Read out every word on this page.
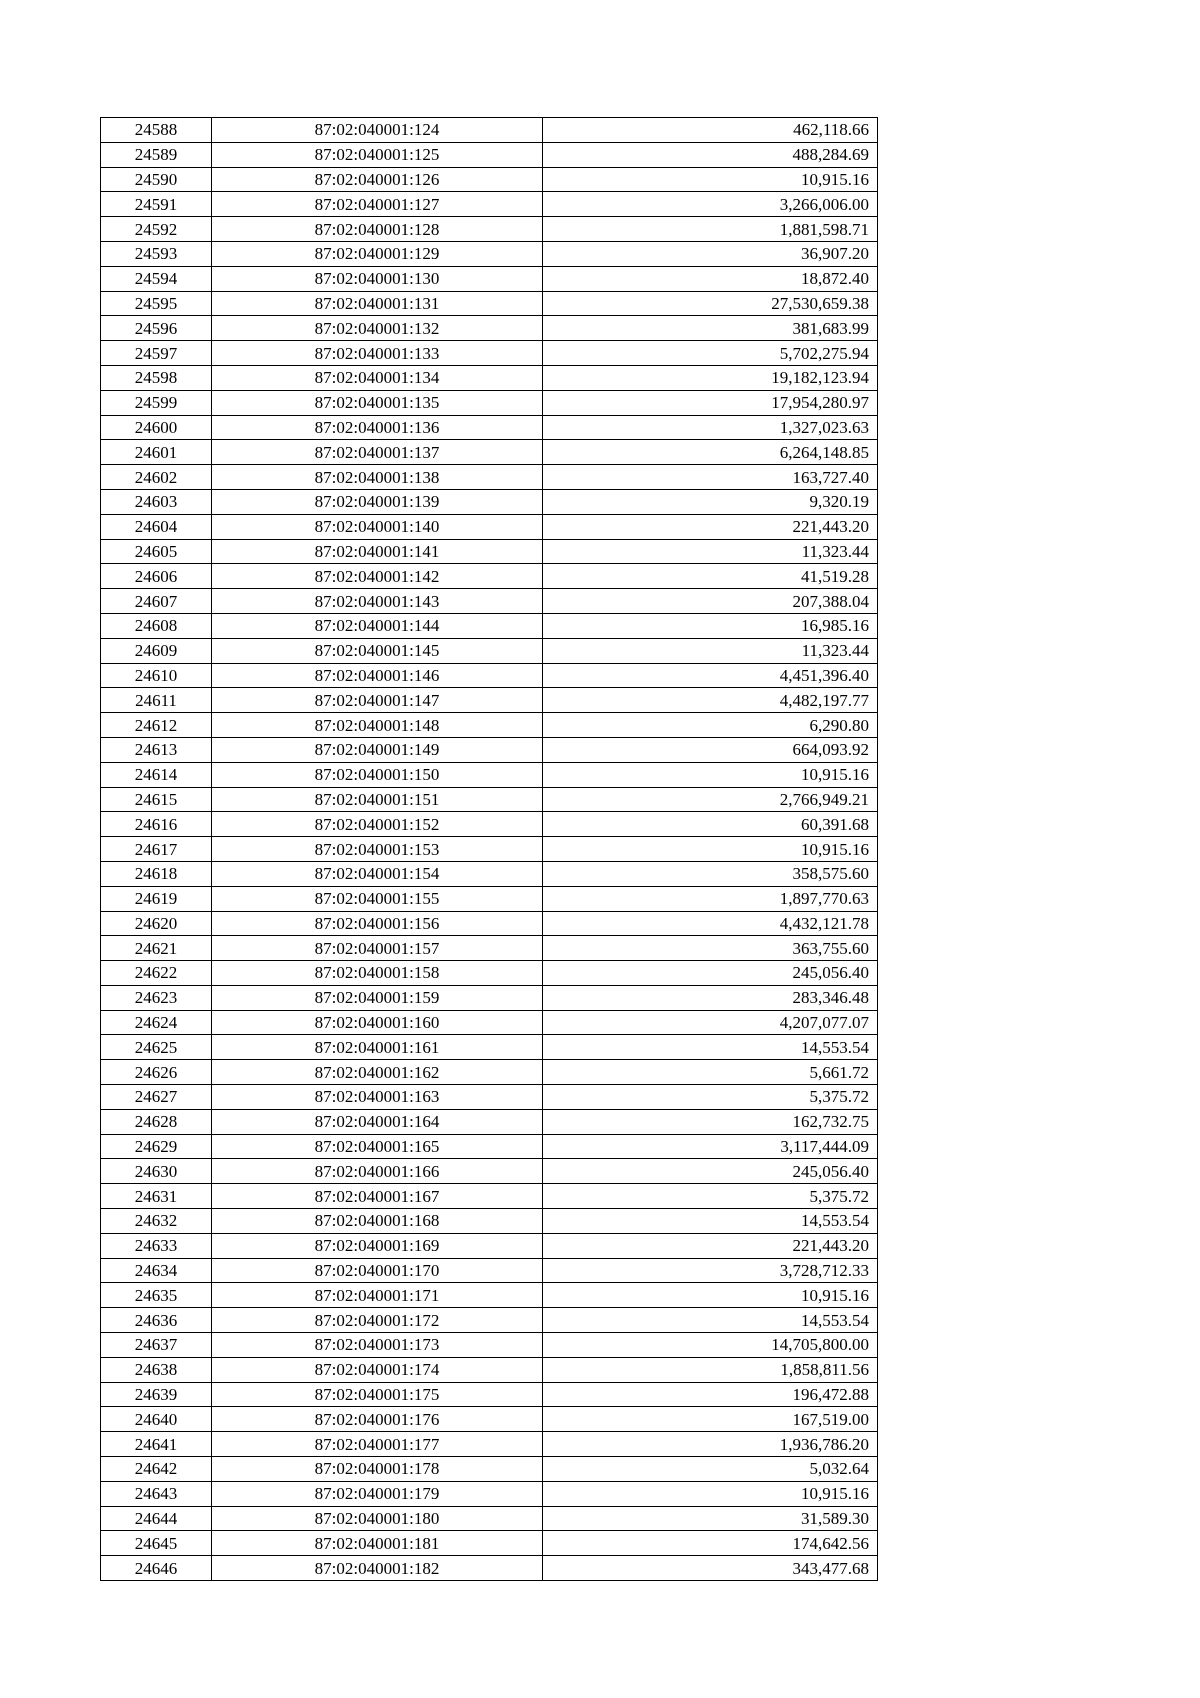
24588	87:02:040001:124	462,118.66
24589	87:02:040001:125	488,284.69
24590	87:02:040001:126	10,915.16
24591	87:02:040001:127	3,266,006.00
24592	87:02:040001:128	1,881,598.71
24593	87:02:040001:129	36,907.20
24594	87:02:040001:130	18,872.40
24595	87:02:040001:131	27,530,659.38
24596	87:02:040001:132	381,683.99
24597	87:02:040001:133	5,702,275.94
24598	87:02:040001:134	19,182,123.94
24599	87:02:040001:135	17,954,280.97
24600	87:02:040001:136	1,327,023.63
24601	87:02:040001:137	6,264,148.85
24602	87:02:040001:138	163,727.40
24603	87:02:040001:139	9,320.19
24604	87:02:040001:140	221,443.20
24605	87:02:040001:141	11,323.44
24606	87:02:040001:142	41,519.28
24607	87:02:040001:143	207,388.04
24608	87:02:040001:144	16,985.16
24609	87:02:040001:145	11,323.44
24610	87:02:040001:146	4,451,396.40
24611	87:02:040001:147	4,482,197.77
24612	87:02:040001:148	6,290.80
24613	87:02:040001:149	664,093.92
24614	87:02:040001:150	10,915.16
24615	87:02:040001:151	2,766,949.21
24616	87:02:040001:152	60,391.68
24617	87:02:040001:153	10,915.16
24618	87:02:040001:154	358,575.60
24619	87:02:040001:155	1,897,770.63
24620	87:02:040001:156	4,432,121.78
24621	87:02:040001:157	363,755.60
24622	87:02:040001:158	245,056.40
24623	87:02:040001:159	283,346.48
24624	87:02:040001:160	4,207,077.07
24625	87:02:040001:161	14,553.54
24626	87:02:040001:162	5,661.72
24627	87:02:040001:163	5,375.72
24628	87:02:040001:164	162,732.75
24629	87:02:040001:165	3,117,444.09
24630	87:02:040001:166	245,056.40
24631	87:02:040001:167	5,375.72
24632	87:02:040001:168	14,553.54
24633	87:02:040001:169	221,443.20
24634	87:02:040001:170	3,728,712.33
24635	87:02:040001:171	10,915.16
24636	87:02:040001:172	14,553.54
24637	87:02:040001:173	14,705,800.00
24638	87:02:040001:174	1,858,811.56
24639	87:02:040001:175	196,472.88
24640	87:02:040001:176	167,519.00
24641	87:02:040001:177	1,936,786.20
24642	87:02:040001:178	5,032.64
24643	87:02:040001:179	10,915.16
24644	87:02:040001:180	31,589.30
24645	87:02:040001:181	174,642.56
24646	87:02:040001:182	343,477.68
